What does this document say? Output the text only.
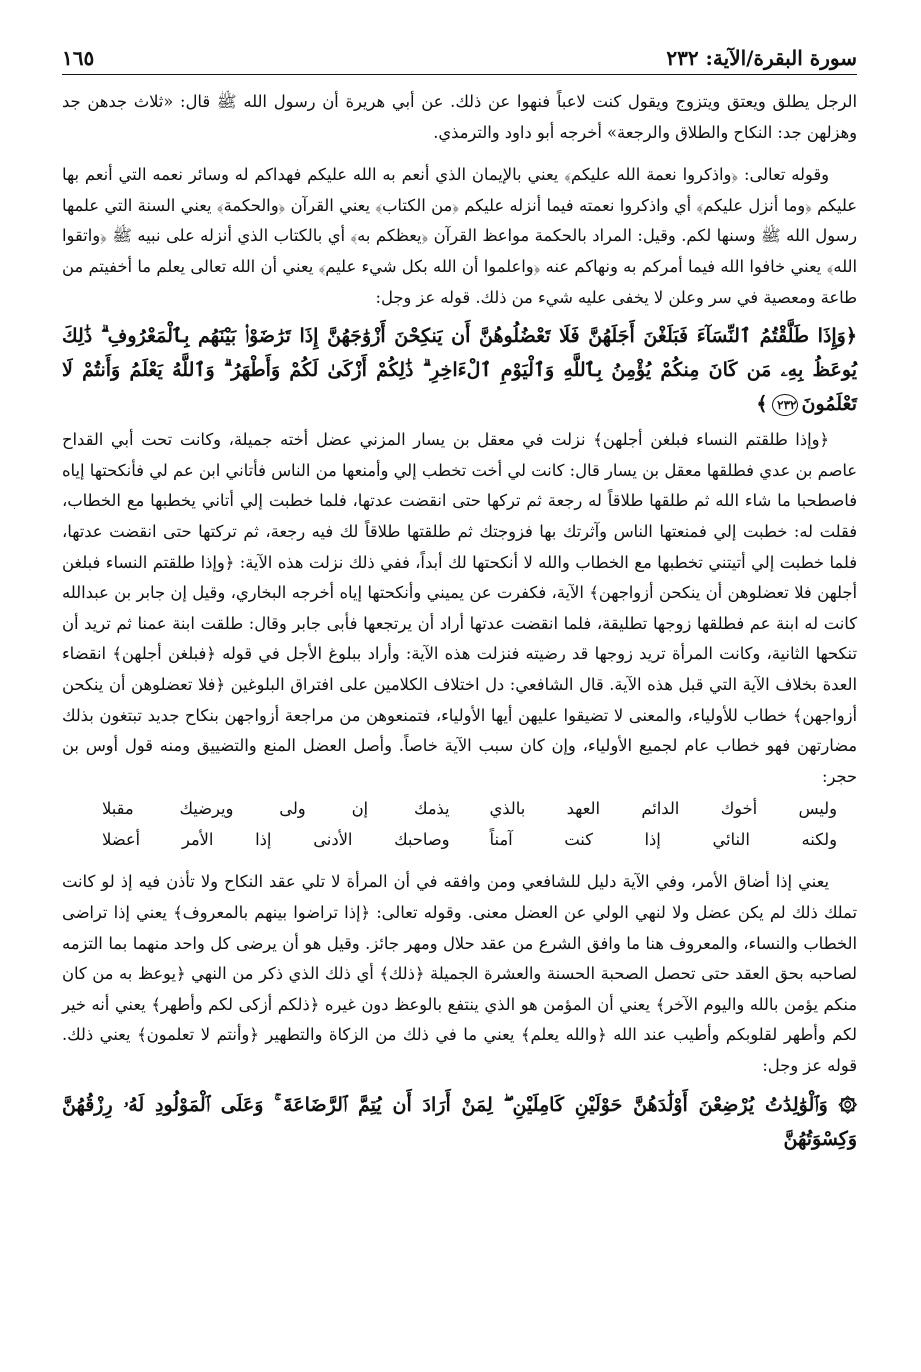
سورة البقرة/الآية: ٢٣٢
١٦٥

الرجل يطلق ويعتق ويتزوج ويقول كنت لاعباً فنهوا عن ذلك. عن أبي هريرة أن رسول الله ﷺ قال: «ثلاث جدهن جد وهزلهن جد: النكاح والطلاق والرجعة» أخرجه أبو داود والترمذي.

وقوله تعالى: ﴿واذكروا نعمة الله عليكم﴾ يعني بالإيمان الذي أنعم به الله عليكم فهداكم له وسائر نعمه التي أنعم بها عليكم ﴿وما أنزل عليكم﴾ أي واذكروا نعمته فيما أنزله عليكم ﴿من الكتاب﴾ يعني القرآن ﴿والحكمة﴾ يعني السنة التي علمها رسول الله ﷺ وسنها لكم. وقيل: المراد بالحكمة مواعظ القرآن ﴿يعظكم به﴾ أي بالكتاب الذي أنزله على نبيه ﷺ ﴿واتقوا الله﴾ يعني خافوا الله فيما أمركم به ونهاكم عنه ﴿واعلموا أن الله بكل شيء عليم﴾ يعني أن الله تعالى يعلم ما أخفيتم من طاعة ومعصية في سر وعلن لا يخفى عليه شيء من ذلك. قوله عز وجل:

﴿وَإِذَا طَلَّقْتُمُ ٱلنِّسَآءَ فَبَلَغْنَ أَجَلَهُنَّ فَلَا تَعْضُلُوهُنَّ أَن يَنكِحْنَ أَزْوَٰجَهُنَّ إِذَا تَرَٰضَوْا۟ بَيْنَهُم بِٱلْمَعْرُوفِ ۗ ذَٰلِكَ يُوعَظُ بِهِۦ مَن كَانَ مِنكُمْ يُؤْمِنُ بِٱللَّهِ وَٱلْيَوْمِ ٱلْءَاخِرِ ۗ ذَٰلِكُمْ أَزْكَىٰ لَكُمْ وَأَطْهَرُ ۗ وَٱللَّهُ يَعْلَمُ وَأَنتُمْ لَا تَعْلَمُونَ٢٣٢﴾

﴿وإذا طلقتم النساء فبلغن أجلهن﴾ نزلت في معقل بن يسار المزني عضل أخته جميلة، وكانت تحت أبي القداح عاصم بن عدي فطلقها معقل بن يسار قال: كانت لي أخت تخطب إلي وأمنعها من الناس فأتاني ابن عم لي فأنكحتها إياه فاصطحبا ما شاء الله ثم طلقها طلاقاً له رجعة ثم تركها حتى انقضت عدتها، فلما خطبت إلي أتاني يخطبها مع الخطاب، فقلت له: خطبت إلي فمنعتها الناس وآثرتك بها فزوجتك ثم طلقتها طلاقاً لك فيه رجعة، ثم تركتها حتى انقضت عدتها، فلما خطبت إلي أتيتني تخطبها مع الخطاب والله لا أنكحتها لك أبداً، ففي ذلك نزلت هذه الآية: ﴿وإذا طلقتم النساء فبلغن أجلهن فلا تعضلوهن أن ينكحن أزواجهن﴾ الآية، فكفرت عن يميني وأنكحتها إياه أخرجه البخاري، وقيل إن جابر بن عبدالله كانت له ابنة عم فطلقها زوجها تطليقة، فلما انقضت عدتها أراد أن يرتجعها فأبى جابر وقال: طلقت ابنة عمنا ثم تريد أن تنكحها الثانية، وكانت المرأة تريد زوجها قد رضيته فنزلت هذه الآية: وأراد ببلوغ الأجل في قوله ﴿فبلغن أجلهن﴾ انقضاء العدة بخلاف الآية التي قبل هذه الآية. قال الشافعي: دل اختلاف الكلامين على افتراق البلوغين ﴿فلا تعضلوهن أن ينكحن أزواجهن﴾ خطاب للأولياء، والمعنى لا تضيقوا عليهن أيها الأولياء، فتمنعوهن من مراجعة أزواجهن بنكاح جديد تبتغون بذلك مضارتهن فهو خطاب عام لجميع الأولياء، وإن كان سبب الآية خاصاً. وأصل العضل المنع والتضييق ومنه قول أوس بن حجر:

وليس أخوك الدائم العهد بالذي
يذمك إن ولى ويرضيك مقبلا
ولكنه النائي إذا كنت آمناً
وصاحبك الأدنى إذا الأمر أعضلا

يعني إذا أضاق الأمر، وفي الآية دليل للشافعي ومن وافقه في أن المرأة لا تلي عقد النكاح ولا تأذن فيه إذ لو كانت تملك ذلك لم يكن عضل ولا لنهي الولي عن العضل معنى. وقوله تعالى: ﴿إذا تراضوا بينهم بالمعروف﴾ يعني إذا تراضى الخطاب والنساء، والمعروف هنا ما وافق الشرع من عقد حلال ومهر جائز. وقيل هو أن يرضى كل واحد منهما بما التزمه لصاحبه بحق العقد حتى تحصل الصحبة الحسنة والعشرة الجميلة ﴿ذلك﴾ أي ذلك الذي ذكر من النهي ﴿يوعظ به من كان منكم يؤمن بالله واليوم الآخر﴾ يعني أن المؤمن هو الذي ينتفع بالوعظ دون غيره ﴿ذلكم أزكى لكم وأطهر﴾ يعني أنه خير لكم وأطهر لقلوبكم وأطيب عند الله ﴿والله يعلم﴾ يعني ما في ذلك من الزكاة والتطهير ﴿وأنتم لا تعلمون﴾ يعني ذلك. قوله عز وجل:

۞ وَٱلْوَٰلِدَٰتُ يُرْضِعْنَ أَوْلَٰدَهُنَّ حَوْلَيْنِ كَامِلَيْنِ ۖ لِمَنْ أَرَادَ أَن يُتِمَّ ٱلرَّضَاعَةَ ۚ وَعَلَى ٱلْمَوْلُودِ لَهُۥ رِزْقُهُنَّ وَكِسْوَتُهُنَّ
